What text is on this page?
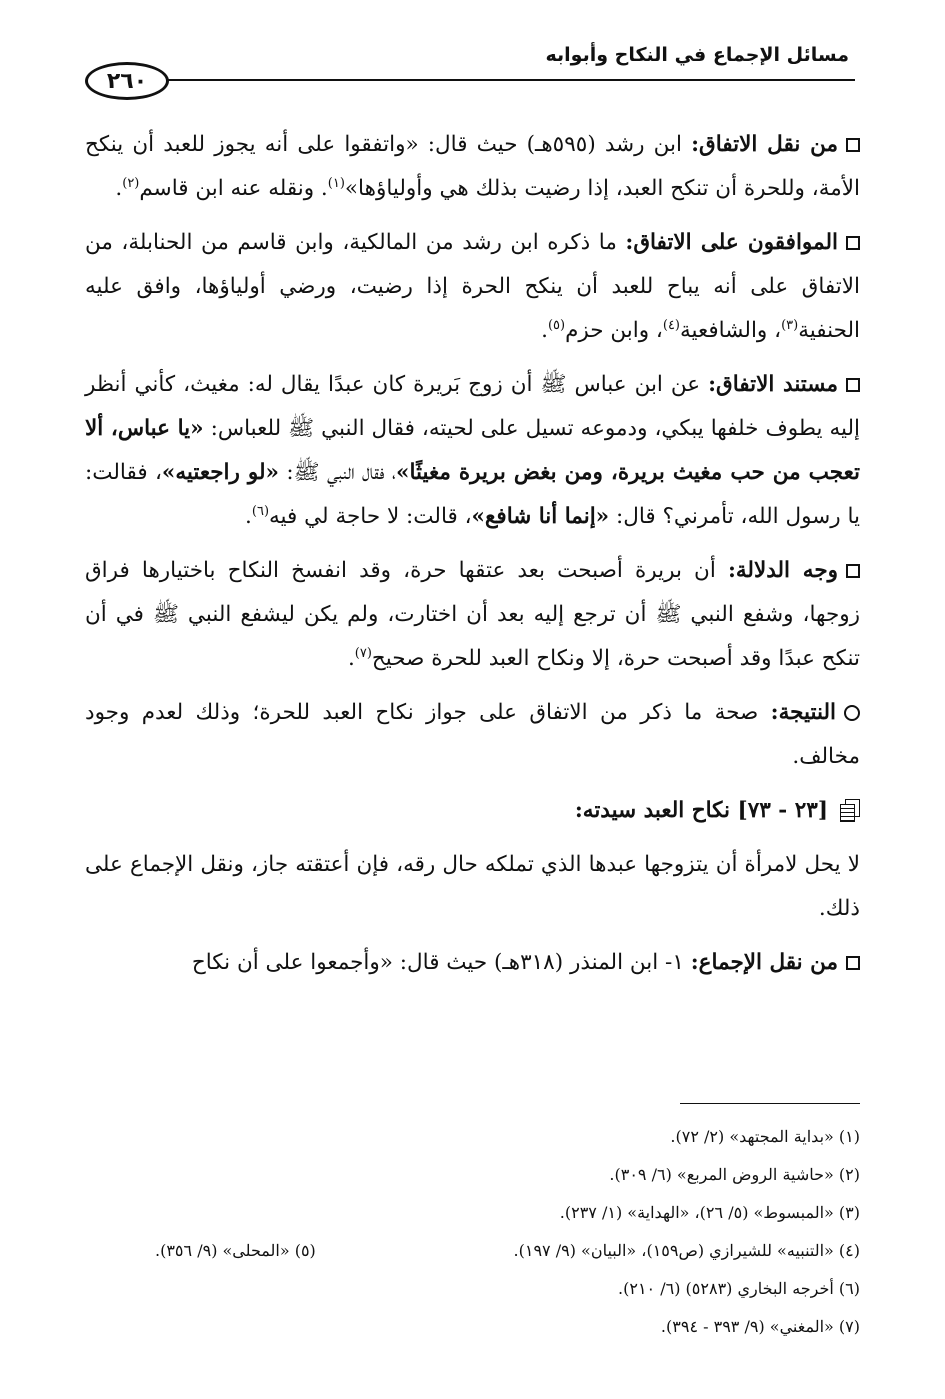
مسائل الإجماع في النكاح وأبوابه
٢٦٠

من نقل الاتفاق: ابن رشد (٥٩٥هـ) حيث قال: «واتفقوا على أنه يجوز للعبد أن ينكح الأمة، وللحرة أن تنكح العبد، إذا رضيت بذلك هي وأولياؤها»$^{(١)}$. ونقله عنه ابن قاسم$^{(٢)}$.

الموافقون على الاتفاق: ما ذكره ابن رشد من المالكية، وابن قاسم من الحنابلة، من الاتفاق على أنه يباح للعبد أن ينكح الحرة إذا رضيت، ورضي أولياؤها، وافق عليه الحنفية$^{(٣)}$، والشافعية$^{(٤)}$، وابن حزم$^{(٥)}$.

مستند الاتفاق: عن ابن عباس ﷺ أن زوج بَريرة كان عبدًا يقال له: مغيث، كأني أنظر إليه يطوف خلفها يبكي، ودموعه تسيل على لحيته، فقال النبي ﷺ للعباس: «يا عباس، ألا تعجب من حب مغيث بريرة، ومن بغض بريرة مغيثًا»، فقال النبي ﷺ: «لو راجعتيه»، فقالت: يا رسول الله، تأمرني؟ قال: «إنما أنا شافع»، قالت: لا حاجة لي فيه$^{(٦)}$.

وجه الدلالة: أن بريرة أصبحت بعد عتقها حرة، وقد انفسخ النكاح باختيارها فراق زوجها، وشفع النبي ﷺ أن ترجع إليه بعد أن اختارت، ولم يكن ليشفع النبي ﷺ في أن تنكح عبدًا وقد أصبحت حرة، إلا ونكاح العبد للحرة صحيح$^{(٧)}$.

النتيجة: صحة ما ذكر من الاتفاق على جواز نكاح العبد للحرة؛ وذلك لعدم وجود مخالف.

[٢٣ - ٧٣] نكاح العبد سيدته:

لا يحل لامرأة أن يتزوجها عبدها الذي تملكه حال رقه، فإن أعتقته جاز، ونقل الإجماع على ذلك.

من نقل الإجماع: ١- ابن المنذر (٣١٨هـ) حيث قال: «وأجمعوا على أن نكاح

(١) «بداية المجتهد» (٢/ ٧٢).
(٢) «حاشية الروض المربع» (٦/ ٣٠٩).
(٣) «المبسوط» (٥/ ٢٦)، «الهداية» (١/ ٢٣٧).
(٤) «التنبيه» للشيرازي (ص١٥٩)، «البيان» (٩/ ١٩٧).
(٥) «المحلى» (٩/ ٣٥٦).
(٦) أخرجه البخاري (٥٢٨٣) (٦/ ٢١٠).
(٧) «المغني» (٩/ ٣٩٣ - ٣٩٤).
